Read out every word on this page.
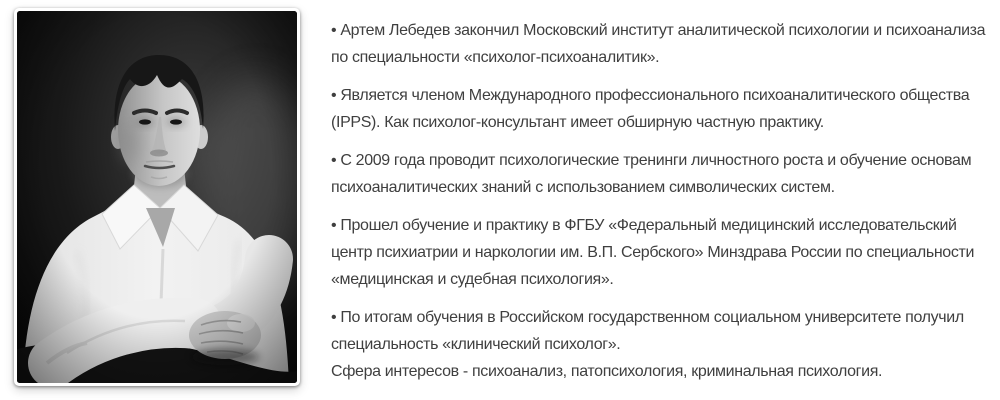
• Артем Лебедев закончил Московский институт аналитической психологии и психоанализа по специальности «психолог-психоаналитик».

• Является членом Международного профессионального психоаналитического общества (IPPS). Как психолог-консультант имеет обширную частную практику.

• С 2009 года проводит психологические тренинги личностного роста и обучение основам психоаналитических знаний с использованием символических систем.

• Прошел обучение и практику в ФГБУ «Федеральный медицинский исследовательский центр психиатрии и наркологии им. В.П. Сербского» Минздрава России по специальности «медицинская и судебная психология».

• По итогам обучения в Российском государственном социальном университете получил специальность «клинический психолог».

Сфера интересов - психоанализ, патопсихология, криминальная психология.
